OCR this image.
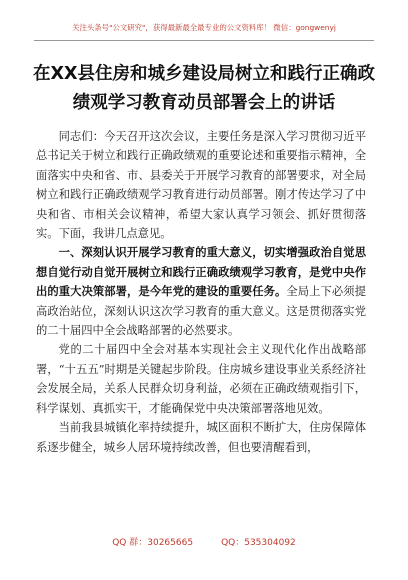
关注头条号"公文研究"，获得最新最全最专业的公文资料库！ 微信：gongwenyj
在XX县住房和城乡建设局树立和践行正确政绩观学习教育动员部署会上的讲话

同志们：今天召开这次会议，主要任务是深入学习贯彻习近平总书记关于树立和践行正确政绩观的重要论述和重要指示精神，全面落实中央和省、市、县委关于开展学习教育的部署要求，对全局树立和践行正确政绩观学习教育进行动员部署。刚才传达学习了中央和省、市相关会议精神，希望大家认真学习领会、抓好贯彻落实。下面，我讲几点意见。

一、深刻认识开展学习教育的重大意义，切实增强政治自觉思想自觉行动自觉开展树立和践行正确政绩观学习教育，是党中央作出的重大决策部署，是今年党的建设的重要任务。全局上下必须提高政治站位，深刻认识这次学习教育的重大意义。这是贯彻落实党的二十届四中全会战略部署的必然要求。

党的二十届四中全会对基本实现社会主义现代化作出战略部署，“十五五”时期是关键起步阶段。住房城乡建设事业关系经济社会发展全局，关系人民群众切身利益，必须在正确政绩观指引下，科学谋划、真抓实干，才能确保党中央决策部署落地见效。

当前我县城镇化率持续提升，城区面积不断扩大，住房保障体系逐步健全，城乡人居环境持续改善，但也要清醒看到，

QQ 群：30265665	QQ：535304092
